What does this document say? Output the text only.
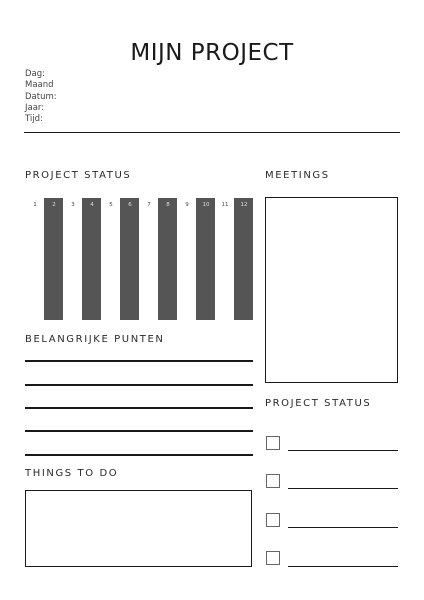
MIJN PROJECT
Dag:
Maand
Datum:
Jaar:
Tijd:
PROJECT STATUS
1	2	3	4	5	6	7	8	9	10	11	12
MEETINGS
BELANGRIJKE PUNTEN
THINGS TO DO
PROJECT STATUS
